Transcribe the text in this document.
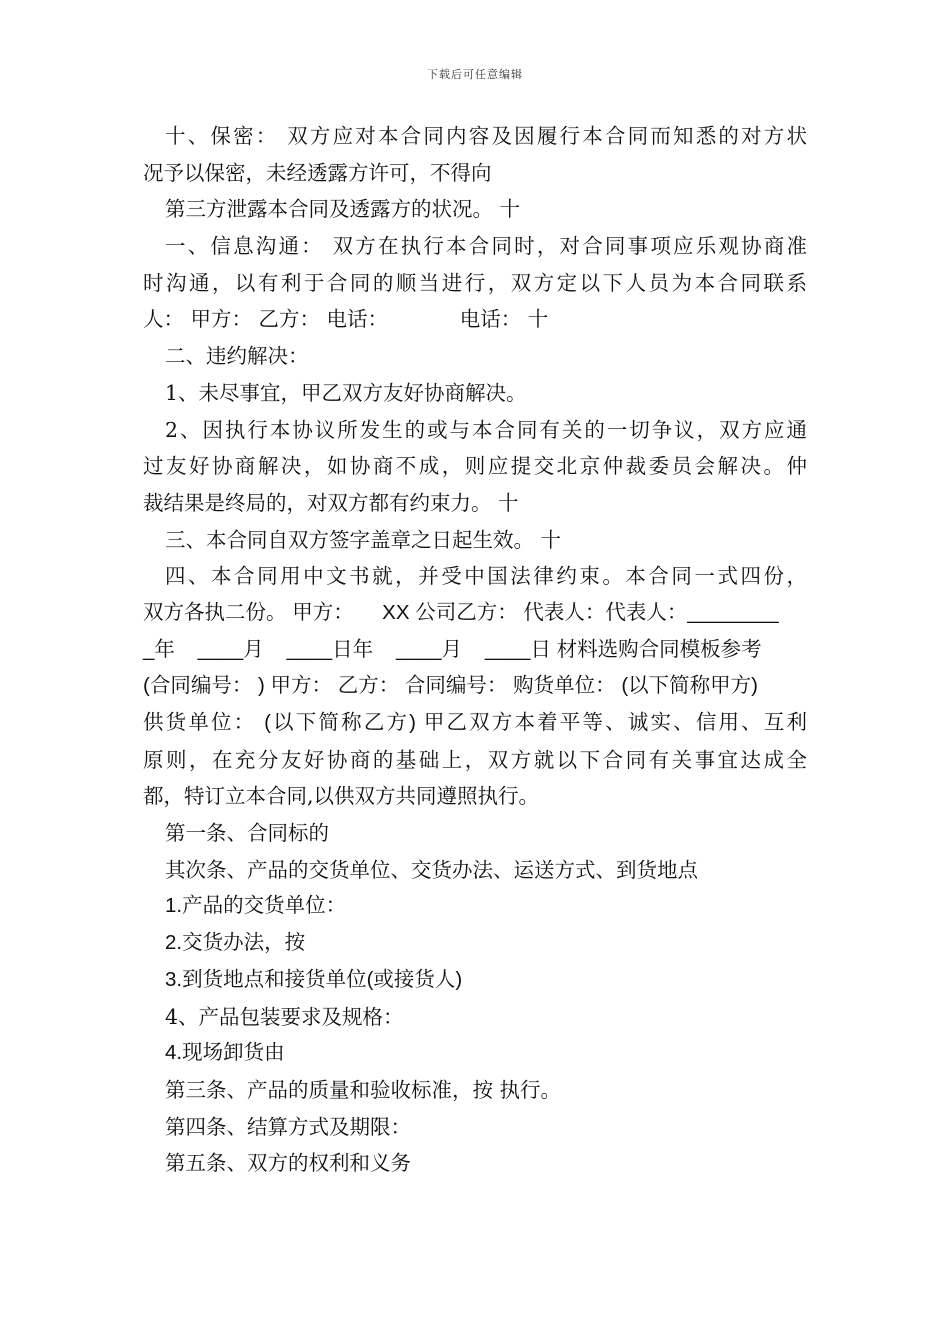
下载后可任意编辑
十、保密： 双方应对本合同内容及因履行本合同而知悉的对方状
况予以保密，未经透露方许可，不得向
第三方泄露本合同及透露方的状况。 十
一、信息沟通： 双方在执行本合同时，对合同事项应乐观协商准
时沟通，以有利于合同的顺当进行，双方定以下人员为本合同联系
人： 甲方： 乙方： 电话：           电话： 十
二、违约解决：
1、未尽事宜，甲乙双方友好协商解决。
2、因执行本协议所发生的或与本合同有关的一切争议，双方应通
过友好协商解决，如协商不成，则应提交北京仲裁委员会解决。仲
裁结果是终局的，对双方都有约束力。 十
三、本合同自双方签字盖章之日起生效。 十
四、本合同用中文书就，并受中国法律约束。本合同一式四份，
双方各执二份。 甲方：     XX 公司乙方： 代表人：代表人：________
_年    ____月    ____日年    ____月    ____日 材料选购合同模板参考
(合同编号： ) 甲方： 乙方： 合同编号： 购货单位： (以下简称甲方)
供货单位： (以下简称乙方) 甲乙双方本着平等、诚实、信用、互利
原则，在充分友好协商的基础上，双方就以下合同有关事宜达成全
都，特订立本合同,以供双方共同遵照执行。
第一条、合同标的
其次条、产品的交货单位、交货办法、运送方式、到货地点
1.产品的交货单位：
2.交货办法，按
3.到货地点和接货单位(或接货人)
4、产品包装要求及规格：
4.现场卸货由
第三条、产品的质量和验收标准，按 执行。
第四条、结算方式及期限：
第五条、双方的权利和义务
